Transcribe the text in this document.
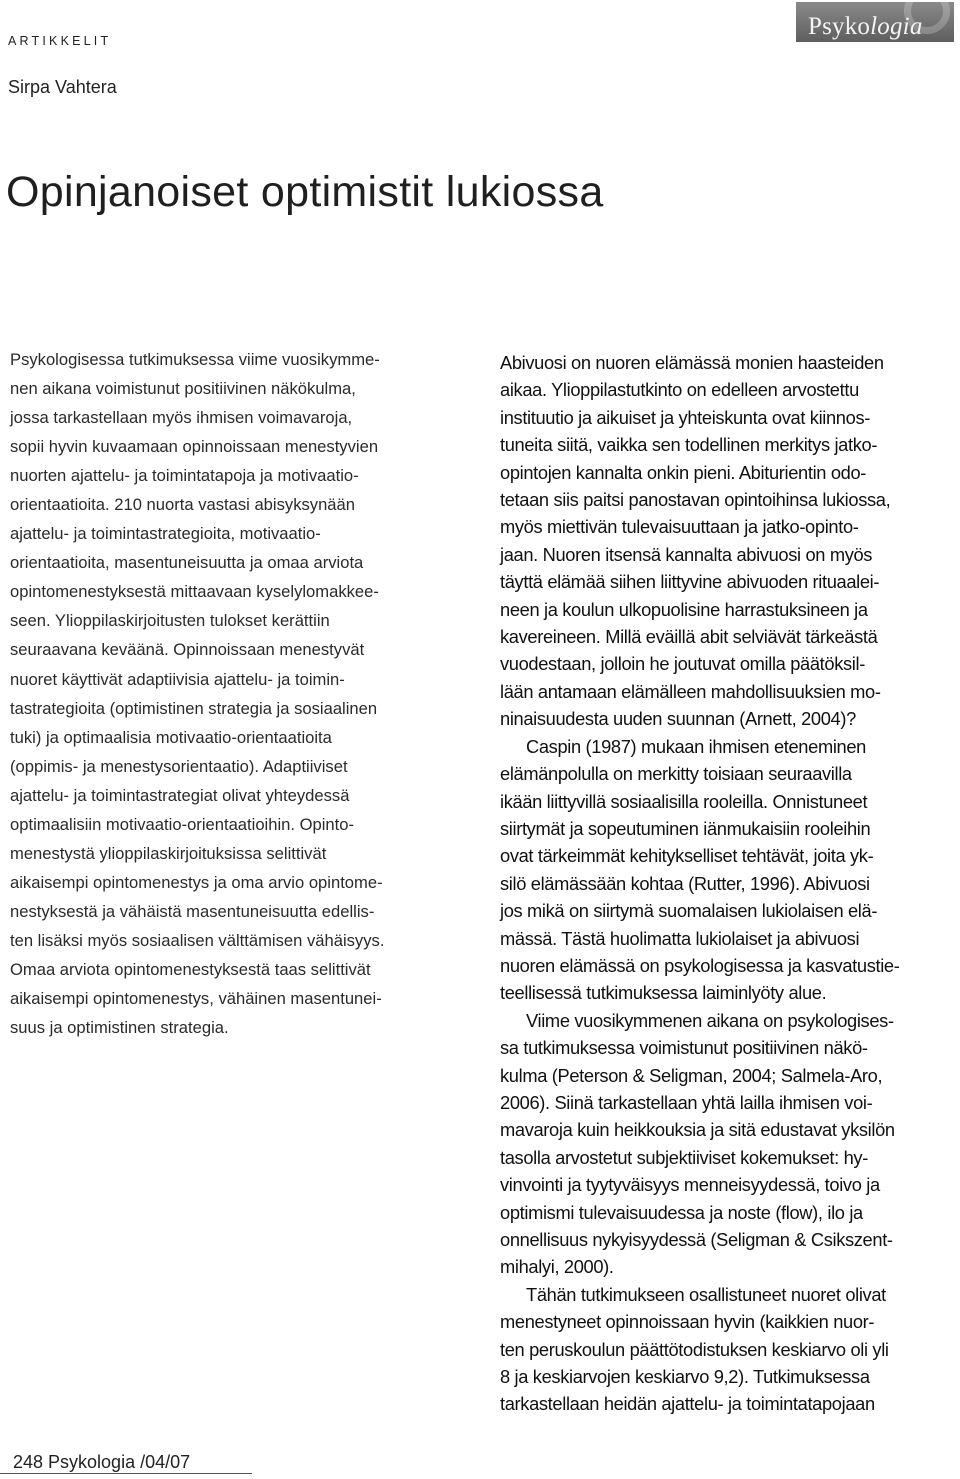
ARTIKKELIT
Psykologia
Sirpa Vahtera
Opinjanoiset optimistit lukiossa
Psykologisessa tutkimuksessa viime vuosikymme-
nen aikana voimistunut positiivinen näkökulma,
jossa tarkastellaan myös ihmisen voimavaroja,
sopii hyvin kuvaamaan opinnoissaan menestyvien
nuorten ajattelu- ja toimintatapoja ja motivaatio-
orientaatioita. 210 nuorta vastasi abisyksynään
ajattelu- ja toimintastrategioita, motivaatio-
orientaatioita, masentuneisuutta ja omaa arviota
opintomenestyksestä mittaavaan kyselylomakkee-
seen. Ylioppilaskirjoitusten tulokset kerättiin
seuraavana keväänä. Opinnoissaan menestyvät
nuoret käyttivät adaptiivisia ajattelu- ja toimin-
tastrategioita (optimistinen strategia ja sosiaalinen
tuki) ja optimaalisia motivaatio-orientaatioita
(oppimis- ja menestysorientaatio). Adaptiiviset
ajattelu- ja toimintastrategiat olivat yhteydessä
optimaalisiin motivaatio-orientaatioihin. Opinto-
menestystä ylioppilaskirjoituksissa selittivät
aikaisempi opintomenestys ja oma arvio opintome-
nestyksestä ja vähäistä masentuneisuutta edellis-
ten lisäksi myös sosiaalisen välttämisen vähäisyys.
Omaa arviota opintomenestyksestä taas selittivät
aikaisempi opintomenestys, vähäinen masentunei-
suus ja optimistinen strategia.
Abivuosi on nuoren elämässä monien haasteiden
aikaa. Ylioppilastutkinto on edelleen arvostettu
instituutio ja aikuiset ja yhteiskunta ovat kiinnos-
tuneita siitä, vaikka sen todellinen merkitys jatko-
opintojen kannalta onkin pieni. Abiturientin odo-
tetaan siis paitsi panostavan opintoihinsa lukiossa,
myös miettivän tulevaisuuttaan ja jatko-opinto-
jaan. Nuoren itsensä kannalta abivuosi on myös
täyttä elämää siihen liittyvine abivuoden rituaalei-
neen ja koulun ulkopuolisine harrastuksineen ja
kavereineen. Millä eväillä abit selviävät tärkeästä
vuodestaan, jolloin he joutuvat omilla päätöksil-
lään antamaan elämälleen mahdollisuuksien mo-
ninaisuudesta uuden suunnan (Arnett, 2004)?
Caspin (1987) mukaan ihmisen eteneminen
elämänpolulla on merkitty toisiaan seuraavilla
ikään liittyvillä sosiaalisilla rooleilla. Onnistuneet
siirtymät ja sopeutuminen iänmukaisiin rooleihin
ovat tärkeimmät kehitykselliset tehtävät, joita yk-
silö elämässään kohtaa (Rutter, 1996). Abivuosi
jos mikä on siirtymä suomalaisen lukiolaisen elä-
mässä. Tästä huolimatta lukiolaiset ja abivuosi
nuoren elämässä on psykologisessa ja kasvatustie-
teellisessä tutkimuksessa laiminlyöty alue.
Viime vuosikymmenen aikana on psykologises-
sa tutkimuksessa voimistunut positiivinen näkö-
kulma (Peterson & Seligman, 2004; Salmela-Aro,
2006). Siinä tarkastellaan yhtä lailla ihmisen voi-
mavaroja kuin heikkouksia ja sitä edustavat yksilön
tasolla arvostetut subjektiiviset kokemukset: hy-
vinvointi ja tyytyväisyys menneisyydessä, toivo ja
optimismi tulevaisuudessa ja noste (flow), ilo ja
onnellisuus nykyisyydessä (Seligman & Csikszent-
mihalyi, 2000).
Tähän tutkimukseen osallistuneet nuoret olivat
menestyneet opinnoissaan hyvin (kaikkien nuor-
ten peruskoulun päättötodistuksen keskiarvo oli yli
8 ja keskiarvojen keskiarvo 9,2). Tutkimuksessa
tarkastellaan heidän ajattelu- ja toimintatapojaan
248 Psykologia /04/07
